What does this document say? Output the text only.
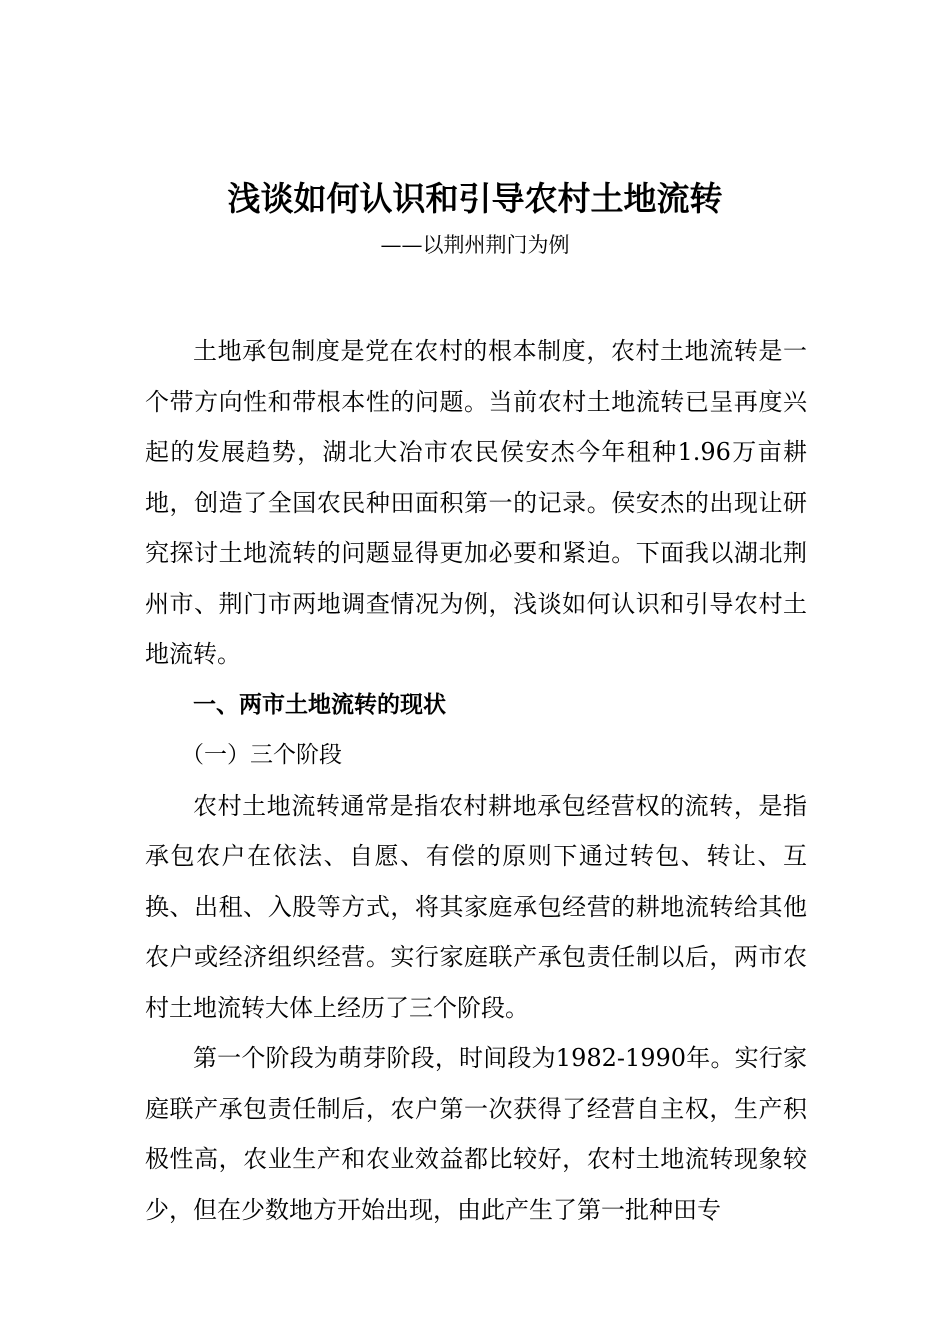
浅谈如何认识和引导农村土地流转

——以荆州荆门为例

土地承包制度是党在农村的根本制度，农村土地流转是一个带方向性和带根本性的问题。当前农村土地流转已呈再度兴起的发展趋势，湖北大冶市农民侯安杰今年租种1.96万亩耕地，创造了全国农民种田面积第一的记录。侯安杰的出现让研究探讨土地流转的问题显得更加必要和紧迫。下面我以湖北荆州市、荆门市两地调查情况为例，浅谈如何认识和引导农村土地流转。

一、两市土地流转的现状

（一）三个阶段

农村土地流转通常是指农村耕地承包经营权的流转，是指承包农户在依法、自愿、有偿的原则下通过转包、转让、互换、出租、入股等方式，将其家庭承包经营的耕地流转给其他农户或经济组织经营。实行家庭联产承包责任制以后，两市农村土地流转大体上经历了三个阶段。

第一个阶段为萌芽阶段，时间段为1982-1990年。实行家庭联产承包责任制后，农户第一次获得了经营自主权，生产积极性高，农业生产和农业效益都比较好，农村土地流转现象较少，但在少数地方开始出现，由此产生了第一批种田专
